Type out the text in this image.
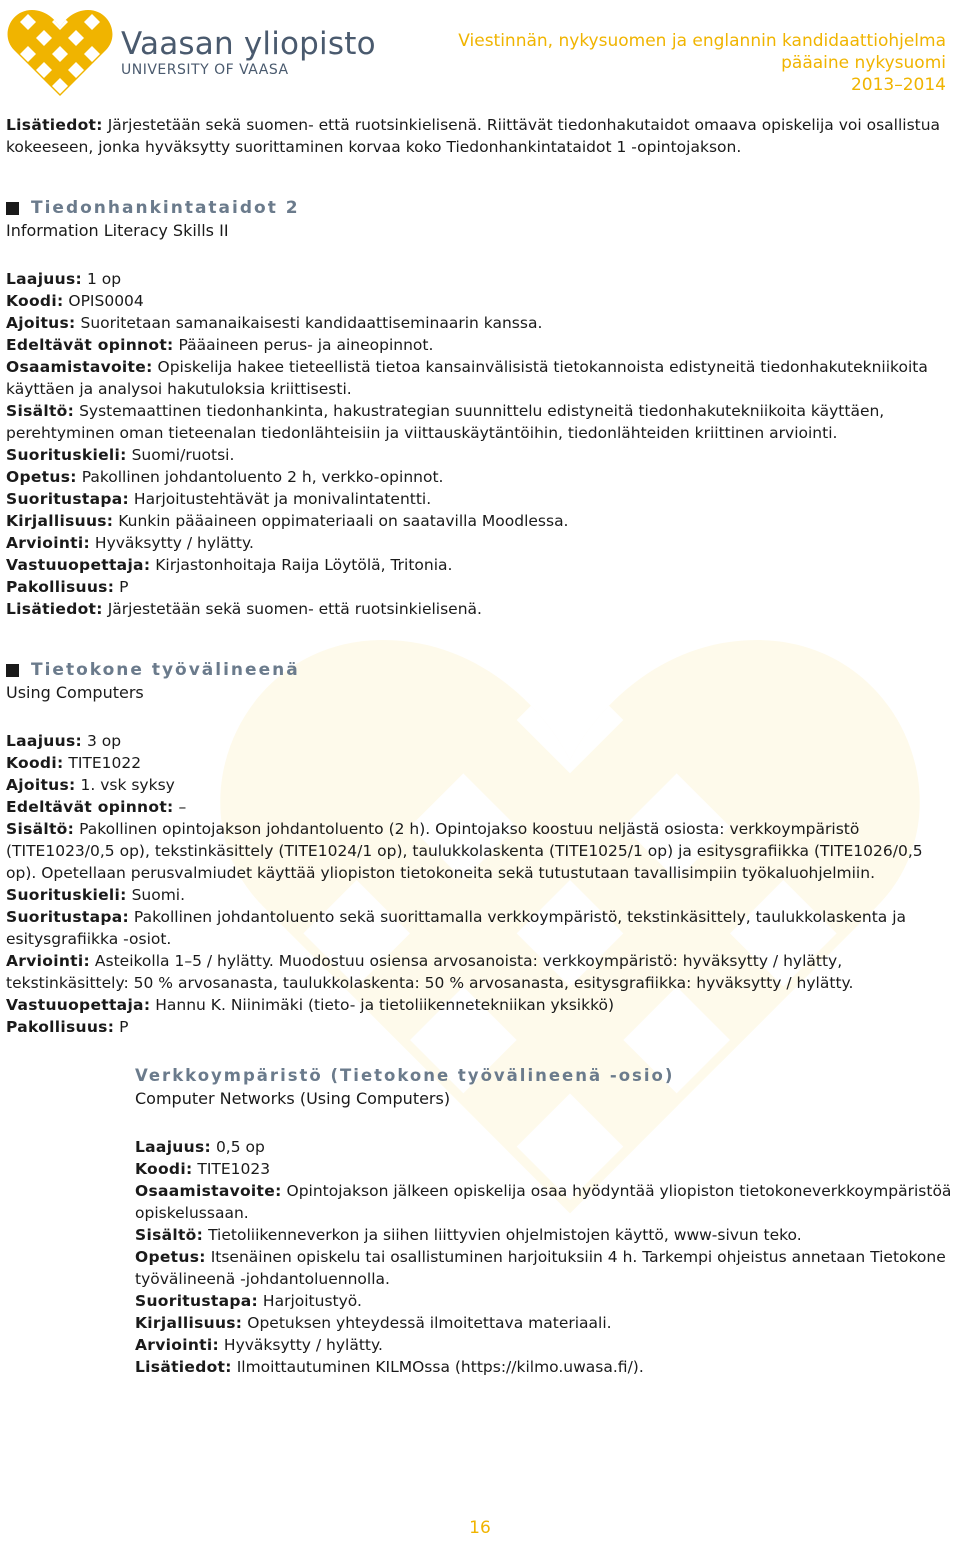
Vaasan yliopisto
UNIVERSITY OF VAASA
Viestinnän, nykysuomen ja englannin kandidaattiohjelma
pääaine nykysuomi
2013–2014

Lisätiedot: Järjestetään sekä suomen- että ruotsinkielisenä. Riittävät tiedonhakutaidot omaava opiskelija voi osallistua kokeeseen, jonka hyväksytty suorittaminen korvaa koko Tiedonhankintataidot 1 -opintojakson.

Tiedonhankintataidot 2
Information Literacy Skills II

Laajuus: 1 op

Koodi: OPIS0004

Ajoitus: Suoritetaan samanaikaisesti kandidaattiseminaarin kanssa.

Edeltävät opinnot: Pääaineen perus- ja aineopinnot.

Osaamistavoite: Opiskelija hakee tieteellistä tietoa kansainvälisistä tietokannoista edistyneitä tiedonhakutekniikoita käyttäen ja analysoi hakutuloksia kriittisesti.

Sisältö: Systemaattinen tiedonhankinta, hakustrategian suunnittelu edistyneitä tiedonhakutekniikoita käyttäen, perehtyminen oman tieteenalan tiedonlähteisiin ja viittauskäytäntöihin, tiedonlähteiden kriittinen arviointi.

Suorituskieli: Suomi/ruotsi.

Opetus: Pakollinen johdantoluento 2 h, verkko-opinnot.

Suoritustapa: Harjoitustehtävät ja monivalintatentti.

Kirjallisuus: Kunkin pääaineen oppimateriaali on saatavilla Moodlessa.

Arviointi: Hyväksytty / hylätty.

Vastuuopettaja: Kirjastonhoitaja Raija Löytölä, Tritonia.

Pakollisuus: P

Lisätiedot: Järjestetään sekä suomen- että ruotsinkielisenä.

Tietokone työvälineenä
Using Computers

Laajuus: 3 op

Koodi: TITE1022

Ajoitus: 1. vsk syksy

Edeltävät opinnot: –

Sisältö: Pakollinen opintojakson johdantoluento (2 h). Opintojakso koostuu neljästä osiosta: verkkoympäristö (TITE1023/0,5 op), tekstinkäsittely (TITE1024/1 op), taulukkolaskenta (TITE1025/1 op) ja esitysgrafiikka (TITE1026/0,5 op). Opetellaan perusvalmiudet käyttää yliopiston tietokoneita sekä tutustutaan tavallisimpiin työkaluohjelmiin.

Suorituskieli: Suomi.

Suoritustapa: Pakollinen johdantoluento sekä suorittamalla verkkoympäristö, tekstinkäsittely, taulukkolaskenta ja esitysgrafiikka -osiot.

Arviointi: Asteikolla 1–5 / hylätty. Muodostuu osiensa arvosanoista: verkkoympäristö: hyväksytty / hylätty, tekstinkäsittely: 50 % arvosanasta, taulukkolaskenta: 50 % arvosanasta, esitysgrafiikka: hyväksytty / hylätty.

Vastuuopettaja: Hannu K. Niinimäki (tieto- ja tietoliikennetekniikan yksikkö)

Pakollisuus: P

Verkkoympäristö (Tietokone työvälineenä -osio)
Computer Networks (Using Computers)

Laajuus: 0,5 op

Koodi: TITE1023

Osaamistavoite: Opintojakson jälkeen opiskelija osaa hyödyntää yliopiston tietokoneverkkoympäristöä opiskelussaan.

Sisältö: Tietoliikenneverkon ja siihen liittyvien ohjelmistojen käyttö, www-sivun teko.

Opetus: Itsenäinen opiskelu tai osallistuminen harjoituksiin 4 h. Tarkempi ohjeistus annetaan Tietokone työvälineenä -johdantoluennolla.

Suoritustapa: Harjoitustyö.

Kirjallisuus: Opetuksen yhteydessä ilmoitettava materiaali.

Arviointi: Hyväksytty / hylätty.

Lisätiedot: Ilmoittautuminen KILMOssa (https://kilmo.uwasa.fi/).

16
